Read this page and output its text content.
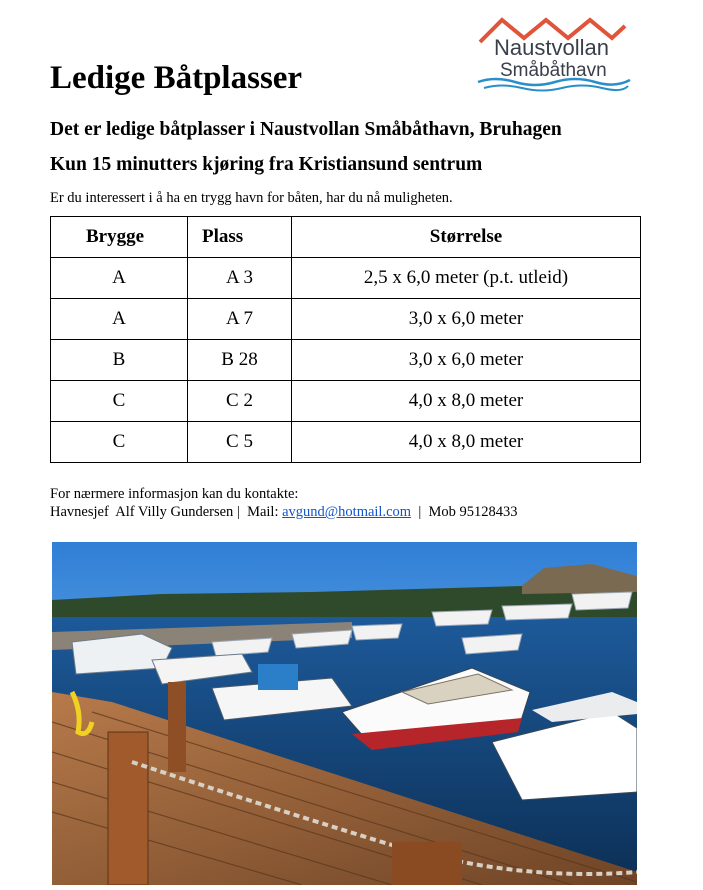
Naustvollan
Småbåthavn
Ledige Båtplasser
Det er ledige båtplasser i Naustvollan Småbåthavn, Bruhagen
Kun 15 minutters kjøring fra Kristiansund sentrum
Er du interessert i å ha en trygg havn for båten, har du nå muligheten.
Brygge	Plass	Størrelse
A	A 3	2,5 x 6,0 meter (p.t. utleid)
A	A 7	3,0 x 6,0 meter
B	B 28	3,0 x 6,0 meter
C	C 2	4,0 x 8,0 meter
C	C 5	4,0 x 8,0 meter
For nærmere informasjon kan du kontakte:
Havnesjef  Alf Villy Gundersen |  Mail: avgund@hotmail.com  |  Mob 95128433
